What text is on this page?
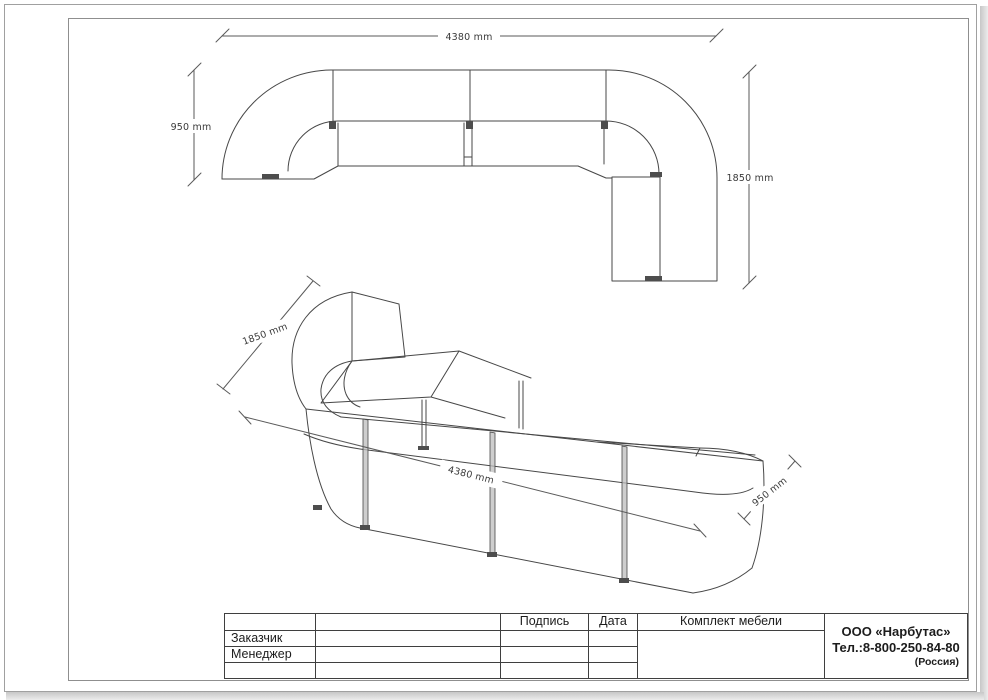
4380 mm
950 mm
1850 mm
1850 mm
4380 mm	950 mm
Подпись	Дата	Комплект мебели
ООО «Нарбутас»
Тел.:8-800-250-84-80
(Россия)
Заказчик
Менеджер
